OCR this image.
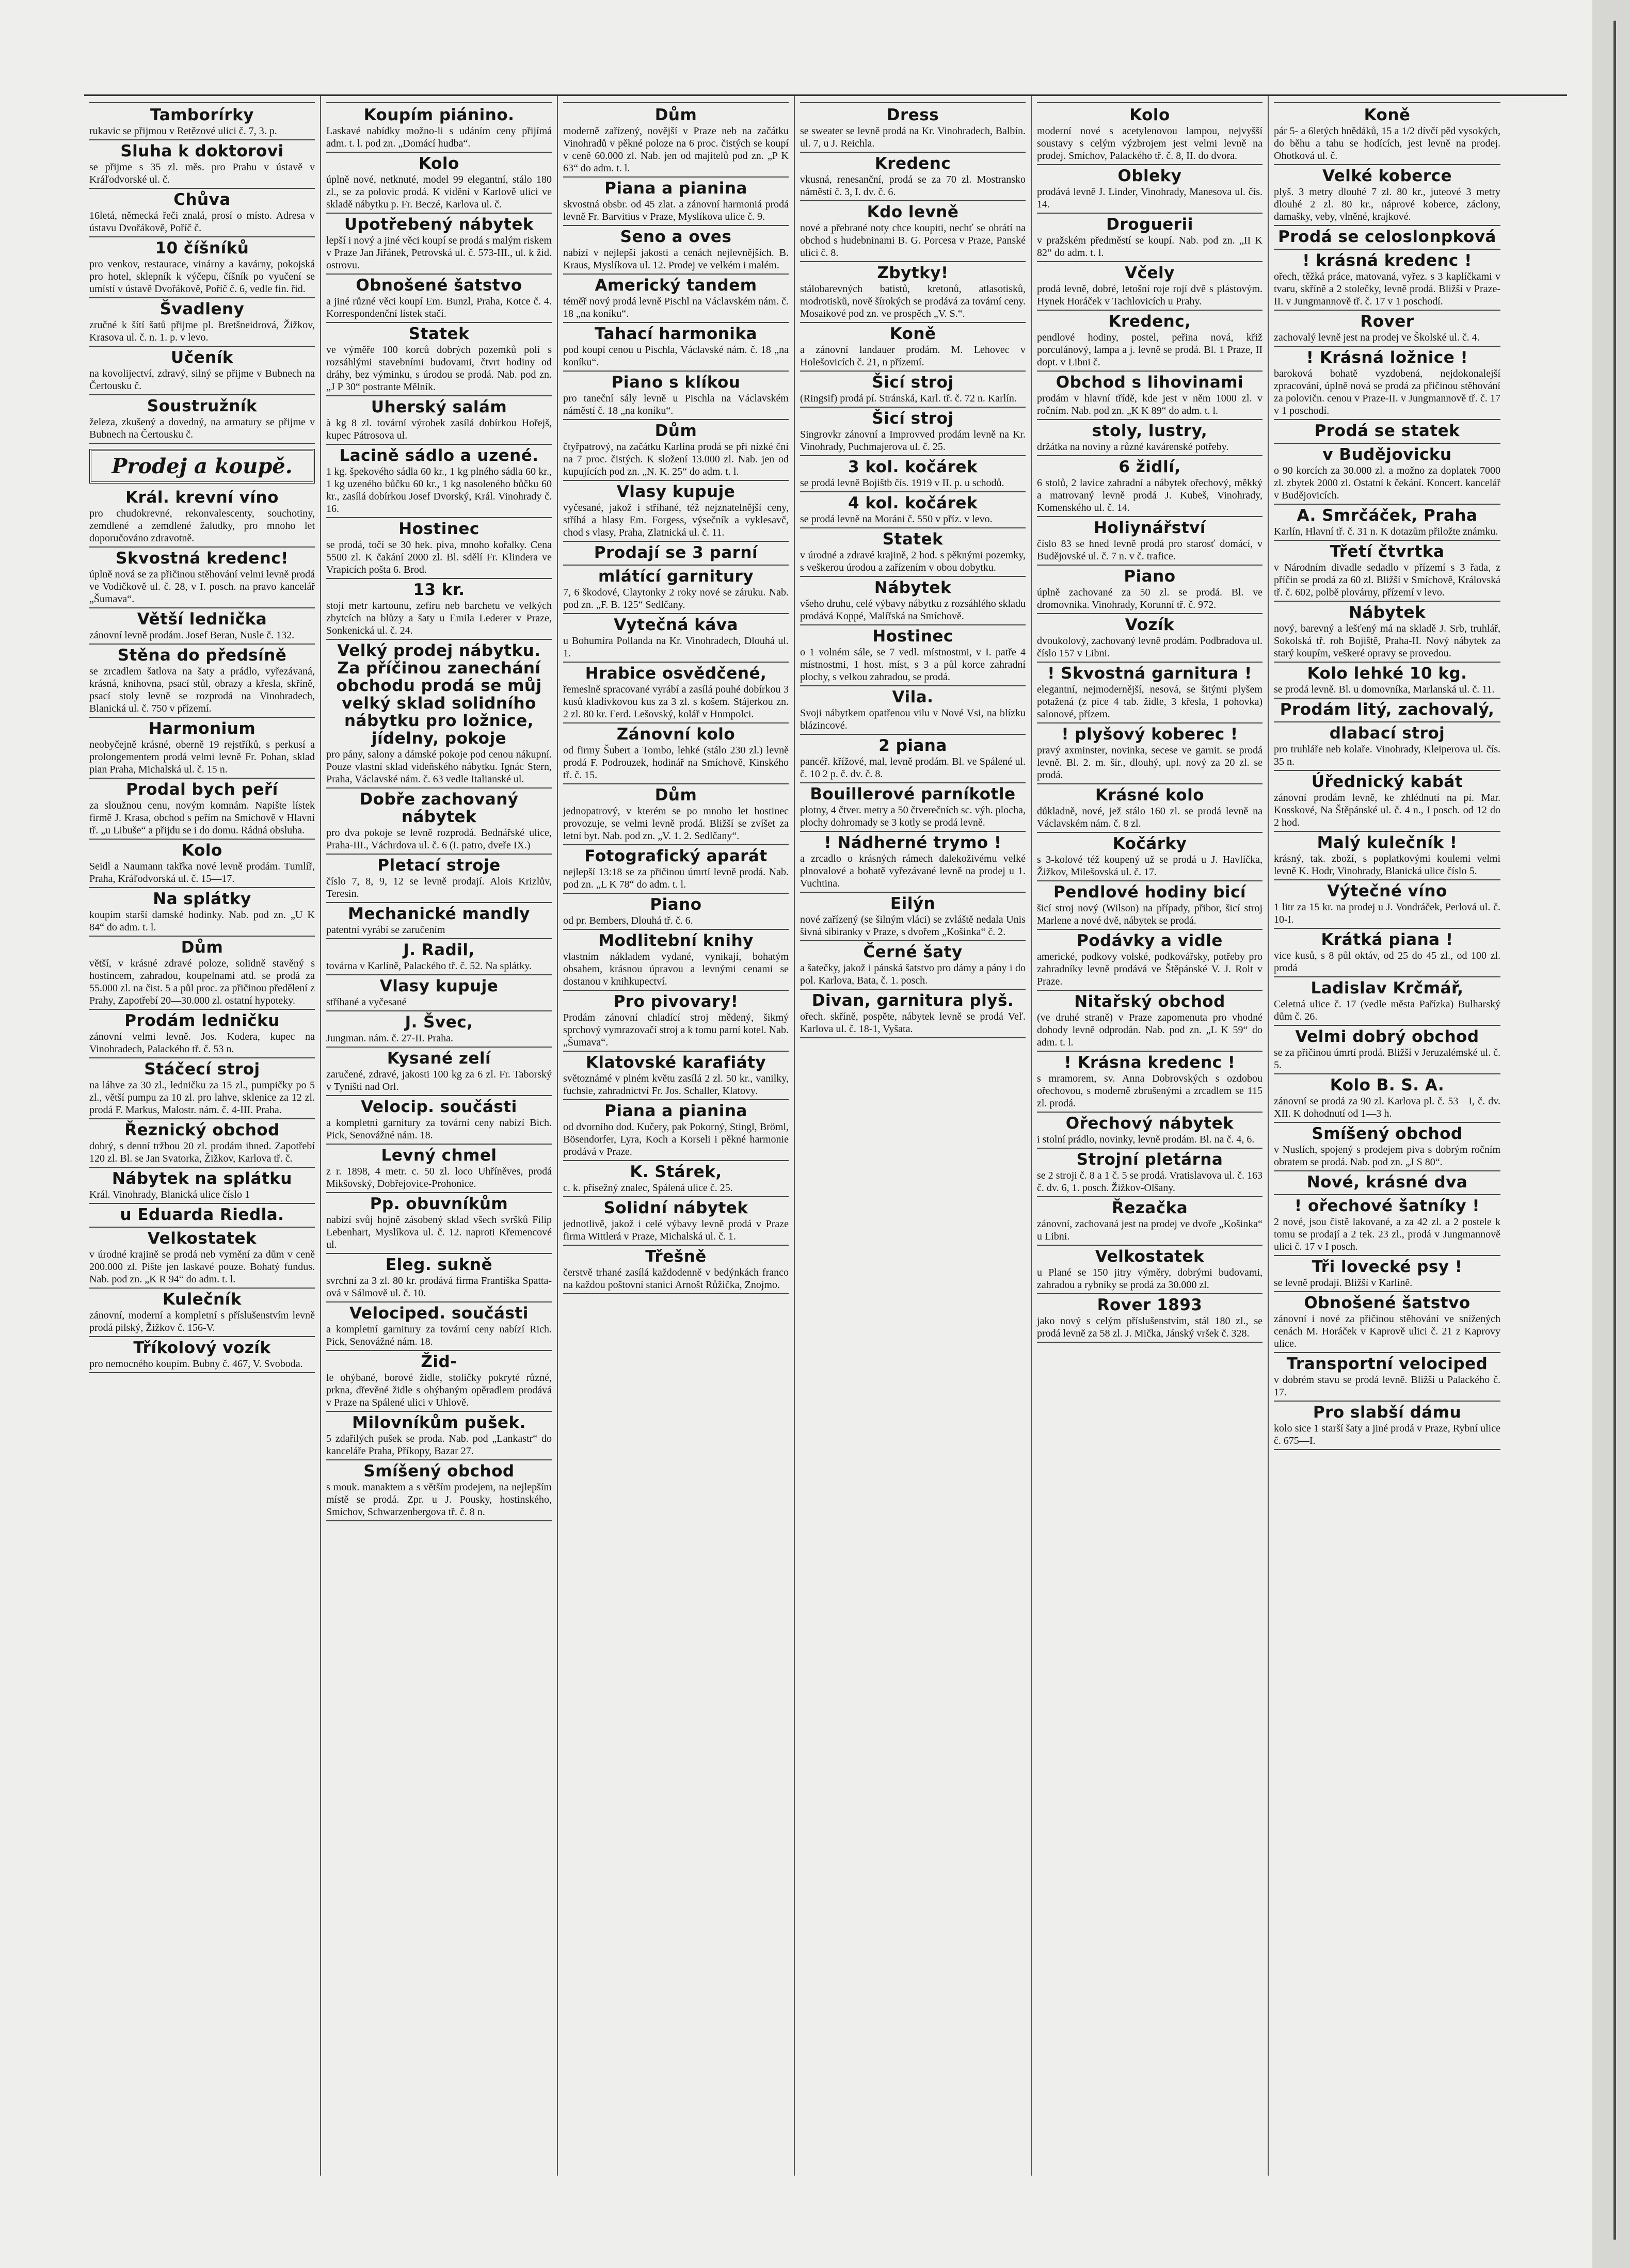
Tamborírky

rukavic se přijmou v Retězové ulici č. 7, 3. p.

Sluha k doktorovi

se přijme s 35 zl. měs. pro Prahu v ústavě v Kráľodvorské ul. č.

Chůva

16letá, německá řeči znalá, prosí o místo. Adresa v ústavu Dvořákově, Poříč č.

10 číšníků

pro venkov, restaurace, vinárny a kavárny, pokojská pro hotel, sklepník k výčepu, číšník po vyučení se umístí v ústavě Dvořákově, Poříč č. 6, vedle fin. řid.

Švadleny

zručné k šítí šatů přijme pl. Bretšneidrová, Žižkov, Krasova ul. č. n. 1. p. v levo.

Učeník

na kovolijectví, zdravý, silný se přijme v Bubnech na Čertousku č.

Soustružník

železa, zkušený a dovedný, na armatury se přijme v Bubnech na Čertousku č.

Prodej a koupě.
Král. krevní víno

pro chudokrevné, rekonvalescenty, souchotiny, zemdlené a zemdlené žaludky, pro mnoho let doporučováno zdravotně.

Skvostná kredenc!

úplně nová se za přičinou stěhování velmi levně prodá ve Vodičkově ul. č. 28, v I. posch. na pravo kancelář „Šumava“.

Větší lednička

zánovní levně prodám. Josef Beran, Nusle č. 132.

Stěna do předsíně

se zrcadlem šatlova na šaty a prádlo, vyřezávaná, krásná, knihovna, psací stůl, obrazy a křesla, skříně, psací stoly levně se rozprodá na Vinohradech, Blanická ul. č. 750 v přízemí.

Harmonium

neobyčejně krásné, oberně 19 rejstříků, s perkusí a prolongementem prodá velmi levně Fr. Pohan, sklad pian Praha, Michalská ul. č. 15 n.

Prodal bych peří

za sloužnou cenu, novým komnám. Napište lístek firmě J. Krasa, obchod s peřím na Smíchově v Hlavní tř. „u Libuše“ a přijdu se i do domu. Rádná obsluha.

Kolo

Seidl a Naumann takřka nové levně prodám. Tumlíř, Praha, Kráľodvorská ul. č. 15—17.

Na splátky

koupím starší damské hodinky. Nab. pod zn. „U K 84“ do adm. t. l.

Dům

větší, v krásné zdravé poloze, solidně stavěný s hostincem, zahradou, koupelnami atd. se prodá za 55.000 zl. na čist. 5 a půl proc. za přičinou předělení z Prahy, Zapotřebí 20—30.000 zl. ostatní hypoteky.

Prodám ledničku

zánovní velmi levně. Jos. Kodera, kupec na Vinohradech, Palackého tř. č. 53 n.

Stáčecí stroj

na láhve za 30 zl., ledničku za 15 zl., pumpičky po 5 zl., větší pumpu za 10 zl. pro lahve, sklenice za 12 zl. prodá F. Markus, Malostr. nám. č. 4-III. Praha.

Řeznický obchod

dobrý, s denní tržbou 20 zl. prodám ihned. Zapotřebí 120 zl. Bl. se Jan Svatorka, Žižkov, Karlova tř. č.

Nábytek na splátku

Král. Vinohrady, Blanická ulice číslo 1

u Eduarda Riedla.
Velkostatek

v úrodné krajině se prodá neb vymění za dům v ceně 200.000 zl. Pište jen laskavé pouze. Bohatý fundus. Nab. pod zn. „K R 94“ do adm. t. l.

Kulečník

zánovní, moderní a kompletní s příslušenstvím levně prodá pilský, Žižkov č. 156-V.

Tříkolový vozík

pro nemocného koupím. Bubny č. 467, V. Svoboda.

Koupím piánino.

Laskavé nabídky možno-li s udáním ceny přijímá adm. t. l. pod zn. „Domácí hudba“.

Kolo

úplně nové, netknuté, model 99 elegantní, stálo 180 zl., se za polovic prodá. K vidění v Karlově ulici ve skladě nábytku p. Fr. Beczé, Karlova ul. č.

Upotřebený nábytek

lepší i nový a jiné věci koupí se prodá s malým riskem v Praze Jan Jiřánek, Petrovská ul. č. 573-III., ul. k žid. ostrovu.

Obnošené šatstvo

a jiné různé věci koupí Em. Bunzl, Praha, Kotce č. 4. Korrespondenční lístek stačí.

Statek

ve výměře 100 korců dobrých pozemků polí s rozsáhlými stavebními budovami, čtvrt hodiny od dráhy, bez výminku, s úrodou se prodá. Nab. pod zn. „J P 30“ postrante Mělník.

Uherský salám

à kg 8 zl. tovární výrobek zasílá dobírkou Hořejš, kupec Pátrosova ul.

Lacině sádlo a uzené.

1 kg. špekového sádla 60 kr., 1 kg plného sádla 60 kr., 1 kg uzeného bůčku 60 kr., 1 kg nasoleného bůčku 60 kr., zasílá dobírkou Josef Dvorský, Král. Vinohrady č. 16.

Hostinec

se prodá, točí se 30 hek. piva, mnoho kořalky. Cena 5500 zl. K čakání 2000 zl. Bl. sdělí Fr. Klindera ve Vrapicích pošta 6. Brod.

13 kr.

stojí metr kartounu, zefíru neb barchetu ve velkých zbytcích na blůzy a šaty u Emila Lederer v Praze, Sonkenická ul. č. 24.

Velký prodej nábytku. Za příčinou zanechání obchodu prodá se můj velký sklad solidního nábytku pro ložnice, jídelny, pokoje

pro pány, salony a dámské pokoje pod cenou nákupní. Pouze vlastní sklad videňského nábytku. Ignác Stern, Praha, Václavské nám. č. 63 vedle Italianské ul.

Dobře zachovaný nábytek

pro dva pokoje se levně rozprodá. Bednářské ulice, Praha-III., Váchrdova ul. č. 6 (I. patro, dveře IX.)

Pletací stroje

číslo 7, 8, 9, 12 se levně prodají. Alois Krizlův, Teresin.

Mechanické mandly

patentní vyrábí se zaručením

J. Radil,

továrna v Karlíně, Palackého tř. č. 52. Na splátky.

Vlasy kupuje

stříhané a vyčesané

J. Švec,

Jungman. nám. č. 27-II. Praha.

Kysané zelí

zaručené, zdravé, jakosti 100 kg za 6 zl. Fr. Taborský v Tyništi nad Orl.

Velocip. součásti

a kompletní garnitury za tovární ceny nabízí Bich. Pick, Senovážné nám. 18.

Levný chmel

z r. 1898, 4 metr. c. 50 zl. loco Uhříněves, prodá Mikšovský, Dobřejovice-Prohonice.

Pp. obuvníkům

nabízí svůj hojně zásobený sklad všech svršků Filip Lebenhart, Myslíkova ul. č. 12. naproti Křemencové ul.

Eleg. sukně

svrchní za 3 zl. 80 kr. prodává firma Františka Spatta-ová v Sálmově ul. č. 10.

Velociped. součásti

a kompletní garnitury za tovární ceny nabízí Rich. Pick, Senovážné nám. 18.

Žid-

le ohýbané, borové židle, stoličky pokryté různé, prkna, dřevěné židle s ohýbaným opěradlem prodává v Praze na Spálené ulici v Uhlově.

Milovníkům pušek.

5 zdařilých pušek se proda. Nab. pod „Lankastr“ do kanceláře Praha, Příkopy, Bazar 27.

Smíšený obchod

s mouk. manaktem a s větším prodejem, na nejlepším místě se prodá. Zpr. u J. Pousky, hostinského, Smíchov, Schwarzenbergova tř. č. 8 n.

Dům

moderně zařízený, novější v Praze neb na začátku Vinohradů v pěkné poloze na 6 proc. čistých se koupí v ceně 60.000 zl. Nab. jen od majitelů pod zn. „P K 63“ do adm. t. l.

Piana a pianina

skvostná obsbr. od 45 zlat. a zánovní harmoniá prodá levně Fr. Barvitius v Praze, Myslíkova ulice č. 9.

Seno a oves

nabízí v nejlepší jakosti a cenách nejlevnějších. B. Kraus, Myslíkova ul. 12. Prodej ve velkém i malém.

Americký tandem

téměř nový prodá levně Pischl na Václavském nám. č. 18 „na koníku“.

Tahací harmonika

pod koupí cenou u Pischla, Václavské nám. č. 18 „na koníku“.

Piano s klíkou

pro taneční sály levně u Pischla na Václavském náměstí č. 18 „na koníku“.

Dům

čtyřpatrový, na začátku Karlína prodá se při nízké ční na 7 proc. čistých. K složení 13.000 zl. Nab. jen od kupujících pod zn. „N. K. 25“ do adm. t. l.

Vlasy kupuje

vyčesané, jakož i stříhané, též nejznatelnější ceny, stříhá a hlasy Em. Forgess, výsečník a vyklesavč, chod s vlasy, Praha, Zlatnická ul. č. 11.

Prodají se 3 parní
mlátící garnitury

7, 6 škodové, Claytonky 2 roky nové se záruku. Nab. pod zn. „F. B. 125“ Sedlčany.

Vytečná káva

u Bohumíra Pollanda na Kr. Vinohradech, Dlouhá ul. 1.

Hrabice osvědčené,

řemeslně spracované vyrábí a zasílá pouhé dobírkou 3 kusů kladívkovou kus za 3 zl. s košem. Stájerkou zn. 2 zl. 80 kr. Ferd. Lešovský, kolář v Hnmpolci.

Zánovní kolo

od firmy Šubert a Tombo, lehké (stálo 230 zl.) levně prodá F. Podrouzek, hodinář na Smíchově, Kinského tř. č. 15.

Dům

jednopatrový, v kterém se po mnoho let hostinec provozuje, se velmi levně prodá. Bližší se zvíšet za letní byt. Nab. pod zn. „V. 1. 2. Sedlčany“.

Fotografický aparát

nejlepší 13:18 se za přičinou úmrtí levně prodá. Nab. pod zn. „L K 78“ do adm. t. l.

Piano

od pr. Bembers, Dlouhá tř. č. 6.

Modlitební knihy

vlastním nákladem vydané, vynikají, bohatým obsahem, krásnou úpravou a levnými cenami se dostanou v knihkupectví.

Pro pivovary!

Prodám zánovní chladící stroj mědený, šikmý sprchový vymrazovačí stroj a k tomu parní kotel. Nab. „Šumava“.

Klatovské karafiáty

světoznámé v plném květu zasílá 2 zl. 50 kr., vanilky, fuchsie, zahradnictví Fr. Jos. Schaller, Klatovy.

Piana a pianina

od dvorního dod. Kučery, pak Pokorný, Stingl, Bröml, Bösendorfer, Lyra, Koch a Korseli i pěkné harmonie prodává v Praze.

K. Stárek,

c. k. přísežný znalec, Spálená ulice č. 25.

Solidní nábytek

jednotlivě, jakož i celé výbavy levně prodá v Praze firma Wittlerá v Praze, Michalská ul. č. 1.

Třešně

čerstvě trhané zasílá každodenně v bedýnkách franco na každou poštovní stanici Arnošt Růžička, Znojmo.

Dress

se sweater se levně prodá na Kr. Vinohradech, Balbín. ul. 7, u J. Reichla.

Kredenc

vkusná, renesanční, prodá se za 70 zl. Mostransko náměstí č. 3, I. dv. č. 6.

Kdo levně

nové a přebrané noty chce koupiti, nechť se obrátí na obchod s hudebninami B. G. Porcesa v Praze, Panské ulici č. 8.

Zbytky!

stálobarevných batistů, kretonů, atlasotisků, modrotisků, nově šírokých se prodává za tovární ceny. Mosaikové pod zn. ve prospěch „V. S.“.

Koně

a zánovní landauer prodám. M. Lehovec v Holešovicích č. 21, n přízemí.

Šicí stroj

(Ringsif) prodá pí. Stránská, Karl. tř. č. 72 n. Karlín.

Šicí stroj

Singrovkr zánovní a Improvved prodám levně na Kr. Vinohrady, Puchmajerova ul. č. 25.

3 kol. kočárek

se prodá levně Bojištb čís. 1919 v II. p. u schodů.

4 kol. kočárek

se prodá levně na Moráni č. 550 v příz. v levo.

Statek

v úrodné a zdravé krajině, 2 hod. s pěknými pozemky, s veškerou úrodou a zařízením v obou dobytku.

Nábytek

všeho druhu, celé výbavy nábytku z rozsáhlého skladu prodává Koppé, Malířská na Smíchově.

Hostinec

o 1 volném sále, se 7 vedl. místnostmi, v I. patře 4 místnostmi, 1 host. míst, s 3 a půl korce zahradní plochy, s velkou zahradou, se prodá.

Vila.

Svoji nábytkem opatřenou vilu v Nové Vsi, na blízku blázincové.

2 piana

pancéř. křížové, mal, levně prodám. Bl. ve Spálené ul. č. 10 2 p. č. dv. č. 8.

Bouillerové parníkotle

plotny, 4 čtver. metry a 50 čtverečních sc. výh. plocha, plochy dohromady se 3 kotly se prodá levně.

! Nádherné trymo !

a zrcadlo o krásných rámech dalekoživému velké plnovalové a bohatě vyřezávané levně na prodej u 1. Vuchtina.

Eilýn

nové zařízený (se šilným vláci) se zvláště nedala Unis šivná sibiranky v Praze, s dvořem „Košinka“ č. 2.

Černé šaty

a šatečky, jakož i pánská šatstvo pro dámy a pány i do pol. Karlova, Bata, č. 1. posch.

Divan, garnitura plyš.

ořech. skříně, pospěte, nábytek levně se prodá Veľ. Karlova ul. č. 18-1, Vyšata.

Kolo

moderní nové s acetylenovou lampou, nejvyšší soustavy s celým výzbrojem jest velmi levně na prodej. Smíchov, Palackého tř. č. 8, II. do dvora.

Obleky

prodává levně J. Linder, Vinohrady, Manesova ul. čís. 14.

Droguerii

v pražském předměstí se koupí. Nab. pod zn. „II K 82“ do adm. t. l.

Včely

prodá levně, dobré, letošní roje rojí dvě s plástovým. Hynek Horáček v Tachlovicích u Prahy.

Kredenc,

pendlové hodiny, postel, peřina nová, křiž porculánový, lampa a j. levně se prodá. Bl. 1 Praze, II dopt. v Libni č.

Obchod s lihovinami

prodám v hlavní třídě, kde jest v něm 1000 zl. v ročním. Nab. pod zn. „K K 89“ do adm. t. l.

stoly, lustry,

držátka na noviny a různé kavárenské potřeby.

6 židlí,

6 stolů, 2 lavice zahradní a nábytek ořechový, měkký a matrovaný levně prodá J. Kubeš, Vinohrady, Komenského ul. č. 14.

Holiynářství

číslo 83 se hned levně prodá pro starosť domácí, v Budějovské ul. č. 7 n. v č. trafice.

Piano

úplně zachované za 50 zl. se prodá. Bl. ve dromovnika. Vinohrady, Korunní tř. č. 972.

Vozík

dvoukolový, zachovaný levně prodám. Podbradova ul. číslo 157 v Libni.

! Skvostná garnitura !

elegantní, nejmodernější, nesová, se šitými plyšem potažená (z pice 4 tab. židle, 3 křesla, 1 pohovka) salonové, přízem.

! plyšový koberec !

pravý axminster, novinka, secese ve garnit. se prodá levně. Bl. 2. m. šír., dlouhý, upl. nový za 20 zl. se prodá.

Krásné kolo

důkladně, nové, jež stálo 160 zl. se prodá levně na Václavském nám. č. 8 zl.

Kočárky

s 3-kolové též koupený už se prodá u J. Havlíčka, Žižkov, Milešovská ul. č. 17.

Pendlové hodiny bicí

šicí stroj nový (Wilson) na případy, přibor, šicí stroj Marlene a nové dvě, nábytek se prodá.

Podávky a vidle

americké, podkovy volské, podkovářsky, potřeby pro zahradníky levně prodává ve Štěpánské V. J. Rolt v Praze.

Nitařský obchod

(ve druhé straně) v Praze zapomenuta pro vhodné dohody levně odprodán. Nab. pod zn. „L K 59“ do adm. t. l.

! Krásna kredenc !

s mramorem, sv. Anna Dobrovských s ozdobou ořechovou, s moderně zbrušenými a zrcadlem se 115 zl. prodá.

Ořechový nábytek

i stolní prádlo, novinky, levně prodám. Bl. na č. 4, 6.

Strojní pletárna

se 2 stroji č. 8 a 1 č. 5 se prodá. Vratislavova ul. č. 163 č. dv. 6, 1. posch. Žižkov-Olšany.

Řezačka

zánovní, zachovaná jest na prodej ve dvoře „Košinka“ u Libni.

Velkostatek

u Plané se 150 jitry výměry, dobrými budovami, zahradou a rybníky se prodá za 30.000 zl.

Rover 1893

jako nový s celým příslušenstvím, stál 180 zl., se prodá levně za 58 zl. J. Mička, Jánský vršek č. 328.

Koně

pár 5- a 6letých hnědáků, 15 a 1/2 dívčí pěd vysokých, do běhu a tahu se hodících, jest levně na prodej. Ohotková ul. č.

Velké koberce

plyš. 3 metry dlouhé 7 zl. 80 kr., juteové 3 metry dlouhé 2 zl. 80 kr., náprové koberce, záclony, damašky, veby, vlněné, krajkové.

Prodá se celoslonpková
! krásná kredenc !

ořech, těžká práce, matovaná, vyřez. s 3 kaplíčkami v tvaru, skříně a 2 stolečky, levně prodá. Bližší v Praze-II. v Jungmannově tř. č. 17 v 1 poschodí.

Rover

zachovalý levně jest na prodej ve Školské ul. č. 4.

! Krásná ložnice !

baroková bohatě vyzdobená, nejdokonalejší zpracování, úplně nová se prodá za přičinou stěhování za polovičn. cenou v Praze-II. v Jungmannově tř. č. 17 v 1 poschodí.

Prodá se statek
v Budějovicku

o 90 korcích za 30.000 zl. a možno za doplatek 7000 zl. zbytek 2000 zl. Ostatní k čekání. Koncert. kancelář v Budějovicích.

A. Smrčáček, Praha

Karlín, Hlavní tř. č. 31 n. K dotazům přiložte známku.

Třetí čtvrtka

v Národním divadle sedadlo v přízemí s 3 řada, z příčin se prodá za 60 zl. Bližší v Smíchově, Královská tř. č. 602, polbě plovárny, přízemí v levo.

Nábytek

nový, barevný a lešťený má na skladě J. Srb, truhlář, Sokolská tř. roh Bojiště, Praha-II. Nový nábytek za starý koupím, veškeré opravy se provedou.

Kolo lehké 10 kg.

se prodá levně. Bl. u domovníka, Marlanská ul. č. 11.

Prodám litý, zachovalý,
dlabací stroj

pro truhláře neb kolaře. Vinohrady, Kleiperova ul. čís. 35 n.

Úřednický kabát

zánovní prodám levně, ke zhlédnutí na pí. Mar. Kosskové, Na Štěpánské ul. č. 4 n., I posch. od 12 do 2 hod.

Malý kulečník !

krásný, tak. zboží, s poplatkovými koulemi velmi levně K. Hodr, Vinohrady, Blanická ulice číslo 5.

Výtečné víno

1 litr za 15 kr. na prodej u J. Vondráček, Perlová ul. č. 10-I.

Krátká piana !

vice kusů, s 8 půl oktáv, od 25 do 45 zl., od 100 zl. prodá

Ladislav Krčmář,

Celetná ulice č. 17 (vedle města Pařízka) Bulharský dům č. 26.

Velmi dobrý obchod

se za přičinou úmrtí prodá. Bližší v Jeruzalémské ul. č. 5.

Kolo B. S. A.

zánovní se prodá za 90 zl. Karlova pl. č. 53—I, č. dv. XII. K dohodnutí od 1—3 h.

Smíšený obchod

v Nuslích, spojený s prodejem piva s dobrým ročním obratem se prodá. Nab. pod zn. „J S 80“.

Nové, krásné dva
! ořechové šatníky !

2 nové, jsou čistě lakované, a za 42 zl. a 2 postele k tomu se prodají a 2 tek. 23 zl., prodá v Jungmannově ulici č. 17 v I posch.

Tři lovecké psy !

se levně prodají. Bližší v Karlíně.

Obnošené šatstvo

zánovní i nové za přičinou stěhování ve snížených cenách M. Horáček v Kaprově ulici č. 21 z Kaprovy ulice.

Transportní velociped

v dobrém stavu se prodá levně. Bližší u Palackého č. 17.

Pro slabší dámu

kolo sice 1 starší šaty a jiné prodá v Praze, Rybní ulice č. 675—I.
